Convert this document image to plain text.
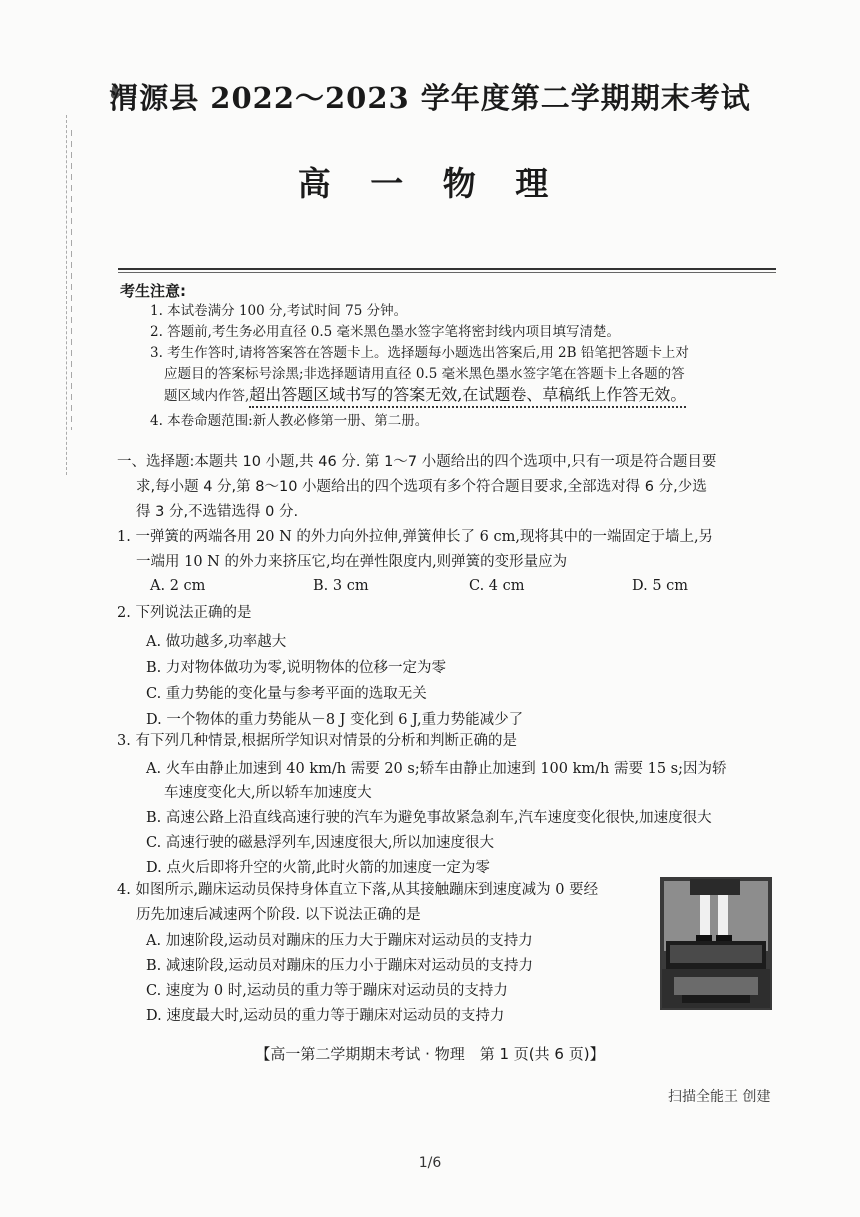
渭源县 2022～2023 学年度第二学期期末考试
高 一 物 理
考生注意:
1. 本试卷满分 100 分,考试时间 75 分钟。
2. 答题前,考生务必用直径 0.5 毫米黑色墨水签字笔将密封线内项目填写清楚。
3. 考生作答时,请将答案答在答题卡上。选择题每小题选出答案后,用 2B 铅笔把答题卡上对
应题目的答案标号涂黑;非选择题请用直径 0.5 毫米黑色墨水签字笔在答题卡上各题的答
题区域内作答,超出答题区域书写的答案无效,在试题卷、草稿纸上作答无效。
4. 本卷命题范围:新人教必修第一册、第二册。
一、选择题:本题共 10 小题,共 46 分. 第 1～7 小题给出的四个选项中,只有一项是符合题目要
求,每小题 4 分,第 8～10 小题给出的四个选项有多个符合题目要求,全部选对得 6 分,少选
得 3 分,不选错选得 0 分.
1. 一弹簧的两端各用 20 N 的外力向外拉伸,弹簧伸长了 6 cm,现将其中的一端固定于墙上,另
一端用 10 N 的外力来挤压它,均在弹性限度内,则弹簧的变形量应为
A. 2 cm	B. 3 cm	C. 4 cm	D. 5 cm
2. 下列说法正确的是
A. 做功越多,功率越大
B. 力对物体做功为零,说明物体的位移一定为零
C. 重力势能的变化量与参考平面的选取无关
D. 一个物体的重力势能从－8 J 变化到 6 J,重力势能减少了
3. 有下列几种情景,根据所学知识对情景的分析和判断正确的是
A. 火车由静止加速到 40 km/h 需要 20 s;轿车由静止加速到 100 km/h 需要 15 s;因为轿
车速度变化大,所以轿车加速度大
B. 高速公路上沿直线高速行驶的汽车为避免事故紧急刹车,汽车速度变化很快,加速度很大
C. 高速行驶的磁悬浮列车,因速度很大,所以加速度很大
D. 点火后即将升空的火箭,此时火箭的加速度一定为零
4. 如图所示,蹦床运动员保持身体直立下落,从其接触蹦床到速度减为 0 要经
历先加速后减速两个阶段. 以下说法正确的是
A. 加速阶段,运动员对蹦床的压力大于蹦床对运动员的支持力
B. 减速阶段,运动员对蹦床的压力小于蹦床对运动员的支持力
C. 速度为 0 时,运动员的重力等于蹦床对运动员的支持力
D. 速度最大时,运动员的重力等于蹦床对运动员的支持力
【高一第二学期期末考试 · 物理　第 1 页(共 6 页)】
扫描全能王 创建
1/6
